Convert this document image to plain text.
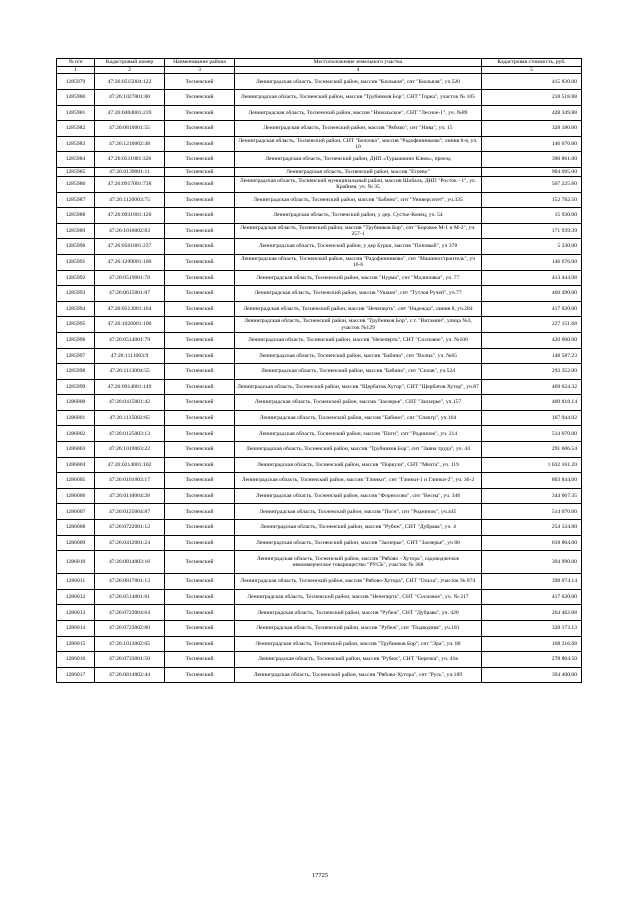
№ п/п	Кадастровый номер	Наименование района	Местоположение земельного участка	Кадастровая стоимость, руб.
1	2	3	4	5
1285979	47:26:0515004:122	Тосненский	Ленинградская область, Тосненский район, массив "Кюльяля", снт "Кюльяля", уч 520	415 830.00
1285980	47:26:1027001:80	Тосненский	Ленинградская область, Тосненский район, массив "Трубников Бор", СНТ "Горка", участок № 105	218 518.88
1285981	47:26:0404001:239	Тосненский	Ленинградская область, Тосненский район, массив "Никольское", СНТ "Лесное-1", уч. №89	428 349.88
1285982	47:26:0810001:55	Тосненский	Ленинградская область, Тосненский район, массив "Рябово", снт "Нива", уч. 15	328 180.00
1285983	47:26:1210002:48	Тосненский	Ленинградская область, Тосненский район, СНТ "Белочка", массив "Радофинниково", линия 8-я, уч. 10	146 676.00
1285984	47:26:0511001:326	Тосненский	Ленинградская область, Тосненский район, ДНП «Турышкино Клюк», проезд	390 861.00
1285985	47:26:0139001:11	Тосненский	Ленинградская область, Тосненский район, массив "Егоево"	904 095.00
1285986	47:26:0917001:738	Тосненский	Ленинградская область, Тосненский муниципальный район, массив Шобаль, ДНП "Росток - 1", ул. Крайняя, уч. № 35	507 225.60
1285987	47:26:1120003:75	Тосненский	Ленинградская область, Тосненский район, массив "Бабино", снт "Университет", уч.335	152 782.50
1285988	47:26:0931001:120	Тосненский	Ленинградская область, Тосненский район, у дер. Сустье-Конец, уч. 54	15 930.00
1285989	47:26:1016002:83	Тосненский	Ленинградская область, Тосненский район, массив "Трубников Бор", снт "Боровое М-1 и М-2", уч. 257-1	171 939.39
1285990	47:26:0501001:237	Тосненский	Ленинградская область, Тосненский район, у дер Бурки, массив "Поповый", уч 378	5 330.00
1285991	47:26:1209001:100	Тосненский	Ленинградская область, Тосненский район, массив "Радофинниково", снт "Машиностроитель", уч 16-6	146 676.00
1285992	47:26:0519001:78	Тосненский	Ленинградская область, Тосненский район, массив "Нурма", снт "Малиновка", уч. 77	413 444.98
1285993	47:26:0615001:87	Тосненский	Ленинградская область, Тосненский район, массив "Ушаки", снт "Тутлов Ручей", уч.77	460 490.00
1285994	47:26:0513001:164	Тосненский	Ленинградская область, Тосненский район, массив "Нечеперть", снт "Надежда", линия 8, уч.284	417 020.00
1285995	47:26:1026001:100	Тосненский	Ленинградская область, Тосненский район, массив "Трубников Бор", с.т. "Витамин", улица №3, участок №129	227 151.68
1285996	47:26:0514001:79	Тосненский	Ленинградская область, Тосненский район, массив "Нечеперть", СНТ "Сосновое", уч. №100	420 000.00
1285997	47:26:1111003:9	Тосненский	Ленинградская область, Тосненский район, массив "Бабино", снт "Волна", уч. №65	148 587.23
1285998	47:26:1113004:55	Тосненский	Ленинградская область, Тосненский район, массив "Бабино", снт "Сплав", уч.524	293 352.00
1285999	47:26:0914001:149	Тосненский	Ленинградская область, Тосненский район, массив "Щербатов Хутор", СНТ "Щербатов Хутор", уч.87	469 624.32
1286000	47:26:0415001:42	Тосненский	Ленинградская область, Тосненский район, массив "Заозерье", СНТ "Заозерье", уч.157	400 818.14
1286001	47:26:1115002:65	Тосненский	Ленинградская область, Тосненский район, массив "Бабино", снт "Спектр", уч.164	167 944.02
1286002	47:26:0125003:13	Тосненский	Ленинградская область, Тосненский район, массив "Погн", снт "Родничок", уч. 214	514 070.00
1286003	47:26:1019003:22	Тосненский	Ленинградская область, Тосненский район, массив "Трубников Бор", снт "Заяна труда", уч. 44	291 606.54
1286004	47:26:0214001:102	Тосненский	Ленинградская область, Тосненский район, массив "Поркузи", СНТ "Мечта", уч. 119	1 032 161.20
1286005	47:26:0101003:17	Тосненский	Ленинградская область, Тосненский район, массив "Глинки", снт "Глинки-1 и Глинки-2", уч. 36-2	803 844.00
1286006	47:26:0110004:28	Тосненский	Ленинградская область, Тосненский район, массив "Форносово", снт "Весна", уч. 346	344 067.35
1286007	47:26:0125004:87	Тосненский	Ленинградская область, Тосненский район, массив "Погн", снт "Родничок", уч.445	514 070.00
1286008	47:26:0722001:12	Тосненский	Ленинградская область, Тосненский район, массив "Рубеж", СНТ "Дубрава", уч. 4	254 124.80
1286009	47:26:0412001:24	Тосненский	Ленинградская область, Тосненский район, массив "Заозерье", СНТ "Заозерье", уч 80	618 804.00
1286010	47:26:0814003:16	Тосненский	Ленинградская область, Тосненский район, массив "Рябово - Хутора", садоводческое некоммерческое товарищество "РУСЬ", участок № 368	394 990.00
1286011	47:26:0817001:13	Тосненский	Ленинградская область, Тосненский район, массив "Рябово-Хутора", СНТ "Ольха", участок № 874	398 074.14
1286012	47:26:0514001:61	Тосненский	Ленинградская область, Тосненский район, массив "Нечеперть", СНТ "Сосновое", уч. № 217	417 620.00
1286013	47:26:0722004:64	Тосненский	Ленинградская область, Тосненский район, массив "Рубеж", СНТ "Дубрава", уч. 420	264 462.08
1286014	47:26:0723002:80	Тосненский	Ленинградская область, Тосненский район, массив "Рубеж", снт "Подводник", уч.181	328 173.13
1286015	47:26:1013002:65	Тосненский	Ленинградская область, Тосненский район, массив "Трубников Бор", снт "Эра", уч. 80	168 316.68
1286016	47:26:0733001:50	Тосненский	Ленинградская область, Тосненский район, массив "Рубеж", СНТ "Березка", уч. 41в	278 804.50
1286017	47:26:0814002:44	Тосненский	Ленинградская область, Тосненский район, массив "Рябово-Хутора", снт "Русь", уч.189	394 400.00
17725
